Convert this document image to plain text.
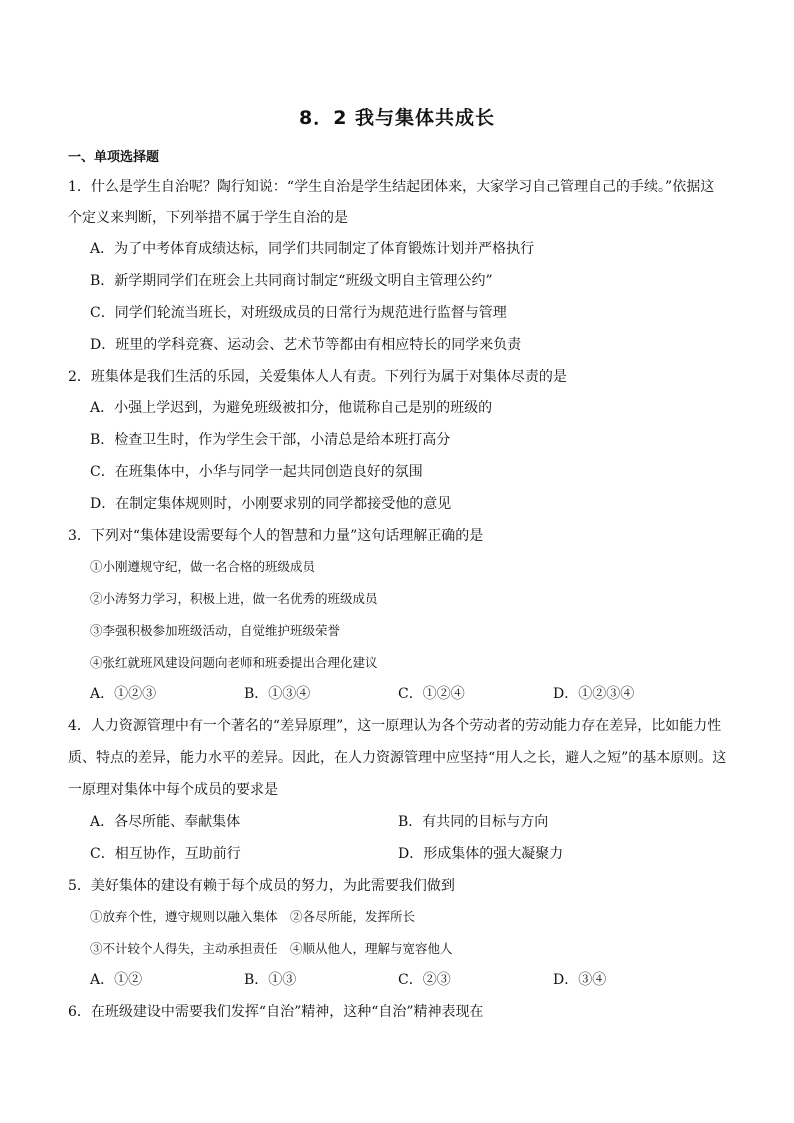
8．2 我与集体共成长
一、单项选择题
1．什么是学生自治呢？陶行知说：“学生自治是学生结起团体来，大家学习自己管理自己的手续。”依据这
个定义来判断，下列举措不属于学生自治的是
A．为了中考体育成绩达标，同学们共同制定了体育锻炼计划并严格执行
B．新学期同学们在班会上共同商讨制定“班级文明自主管理公约”
C．同学们轮流当班长，对班级成员的日常行为规范进行监督与管理
D．班里的学科竞赛、运动会、艺术节等都由有相应特长的同学来负责
2．班集体是我们生活的乐园，关爱集体人人有责。下列行为属于对集体尽责的是
A．小强上学迟到，为避免班级被扣分，他谎称自己是别的班级的
B．检查卫生时，作为学生会干部，小清总是给本班打高分
C．在班集体中，小华与同学一起共同创造良好的氛围
D．在制定集体规则时，小刚要求别的同学都接受他的意见
3．下列对“集体建设需要每个人的智慧和力量”这句话理解正确的是
①小刚遵规守纪，做一名合格的班级成员
②小涛努力学习，积极上进，做一名优秀的班级成员
③李强积极参加班级活动，自觉维护班级荣誉
④张红就班风建设问题向老师和班委提出合理化建议
A．①②③	B．①③④	C．①②④	D．①②③④
4．人力资源管理中有一个著名的“差异原理”，这一原理认为各个劳动者的劳动能力存在差异，比如能力性
质、特点的差异，能力水平的差异。因此，在人力资源管理中应坚持“用人之长，避人之短”的基本原则。这
一原理对集体中每个成员的要求是
A．各尽所能、奉献集体	B．有共同的目标与方向
C．相互协作，互助前行	D．形成集体的强大凝聚力
5．美好集体的建设有赖于每个成员的努力，为此需要我们做到
①放弃个性，遵守规则以融入集体　②各尽所能，发挥所长
③不计较个人得失，主动承担责任　④顺从他人，理解与宽容他人
A．①②	B．①③	C．②③	D．③④
6．在班级建设中需要我们发挥“自治”精神，这种“自治”精神表现在
